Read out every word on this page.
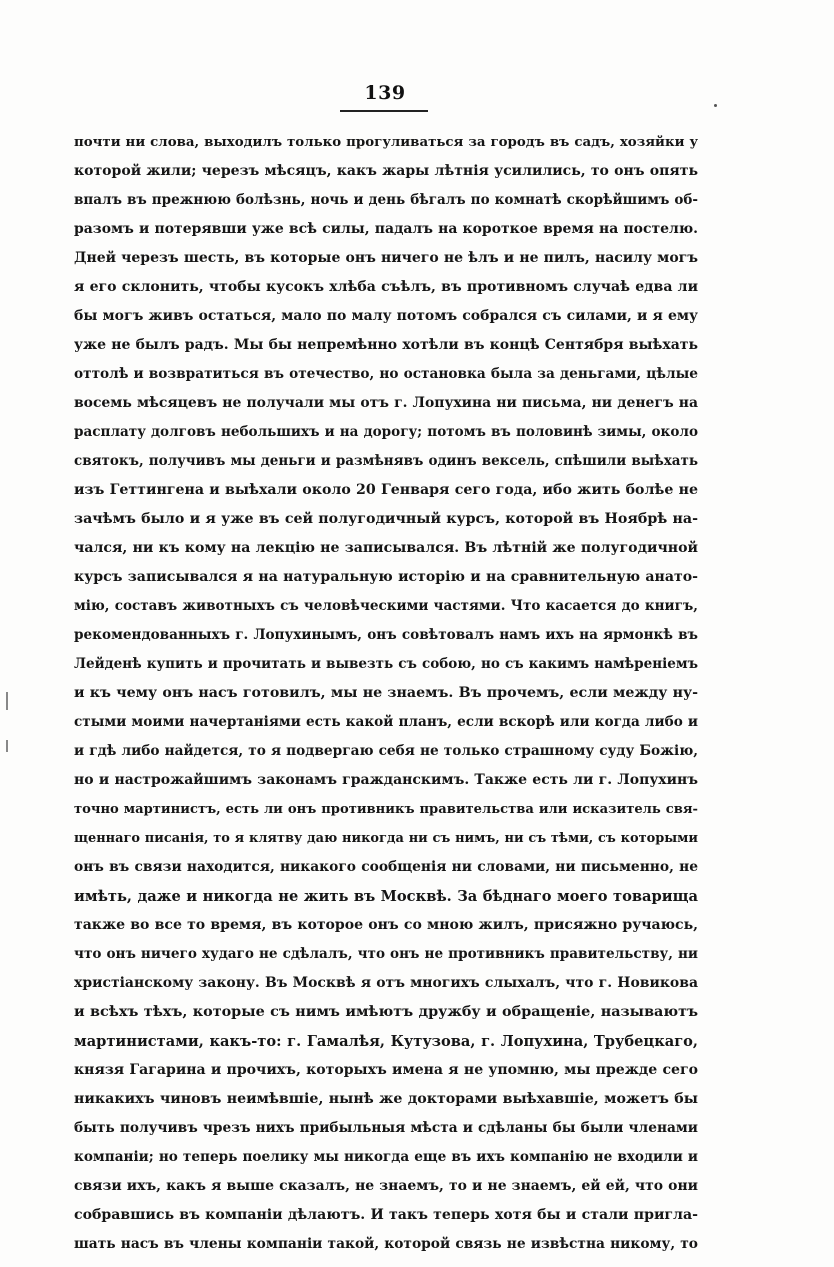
139
почти ни слова, выходилъ только прогуливаться за городъ въ садъ, хозяйки у
которой жили; черезъ мѣсяцъ, какъ жары лѣтнія усилились, то онъ опять
впалъ въ прежнюю болѣзнь, ночь и день бѣгалъ по комнатѣ скорѣйшимъ об-
разомъ и потерявши уже всѣ силы, падалъ на короткое время на постелю.
Дней черезъ шесть, въ которые онъ ничего не ѣлъ и не пилъ, насилу могъ
я его склонить, чтобы кусокъ хлѣба съѣлъ, въ противномъ случаѣ едва ли
бы могъ живъ остаться, мало по малу потомъ собрался съ силами, и я ему
уже не былъ радъ. Мы бы непремѣнно хотѣли въ концѣ Сентября выѣхать
оттолѣ и возвратиться въ отечество, но остановка была за деньгами, цѣлые
восемь мѣсяцевъ не получали мы отъ г. Лопухина ни письма, ни денегъ на
расплату долговъ небольшихъ и на дорогу; потомъ въ половинѣ зимы, около
святокъ, получивъ мы деньги и размѣнявъ одинъ вексель, спѣшили выѣхать
изъ Геттингена и выѣхали около 20 Генваря сего года, ибо жить болѣе не
зачѣмъ было и я уже въ сей полугодичный курсъ, которой въ Ноябрѣ на-
чался, ни къ кому на лекцію не записывался. Въ лѣтній же полугодичной
курсъ записывался я на натуральную исторію и на сравнительную анато-
мію, составъ животныхъ съ человѣческими частями. Что касается до книгъ,
рекомендованныхъ г. Лопухинымъ, онъ совѣтовалъ намъ ихъ на ярмонкѣ въ
Лейденѣ купить и прочитать и вывезть съ собою, но съ какимъ намѣреніемъ
и къ чему онъ насъ готовилъ, мы не знаемъ. Въ прочемъ, если между ну-
стыми моими начертаніями есть какой планъ, если вскорѣ или когда либо и
и гдѣ либо найдется, то я подвергаю себя не только страшному суду Божію,
но и настрожайшимъ законамъ гражданскимъ. Также есть ли г. Лопухинъ
точно мартинистъ, есть ли онъ противникъ правительства или исказитель свя-
щеннаго писанія, то я клятву даю никогда ни съ нимъ, ни съ тѣми, съ которыми
онъ въ связи находится, никакого сообщенія ни словами, ни письменно, не
имѣть, даже и никогда не жить въ Москвѣ. За бѣднаго моего товарища
также во все то время, въ которое онъ со мною жилъ, присяжно ручаюсь,
что онъ ничего худаго не сдѣлалъ, что онъ не противникъ правительству, ни
христіанскому закону. Въ Москвѣ я отъ многихъ слыхалъ, что г. Новикова
и всѣхъ тѣхъ, которые съ нимъ имѣютъ дружбу и обращеніе, называютъ
мартинистами, какъ-то: г. Гамалѣя, Кутузова, г. Лопухина, Трубецкаго,
князя Гагарина и прочихъ, которыхъ имена я не упомню, мы прежде сего
никакихъ чиновъ неимѣвшіе, нынѣ же докторами выѣхавшіе, можетъ бы
быть получивъ чрезъ нихъ прибыльныя мѣста и сдѣланы бы были членами
компаніи; но теперь поелику мы никогда еще въ ихъ компанію не входили и
связи ихъ, какъ я выше сказалъ, не знаемъ, то и не знаемъ, ей ей, что они
собравшись въ компаніи дѣлаютъ. И такъ теперь хотя бы и стали пригла-
шать насъ въ члены компаніи такой, которой связь не извѣстна никому, то
